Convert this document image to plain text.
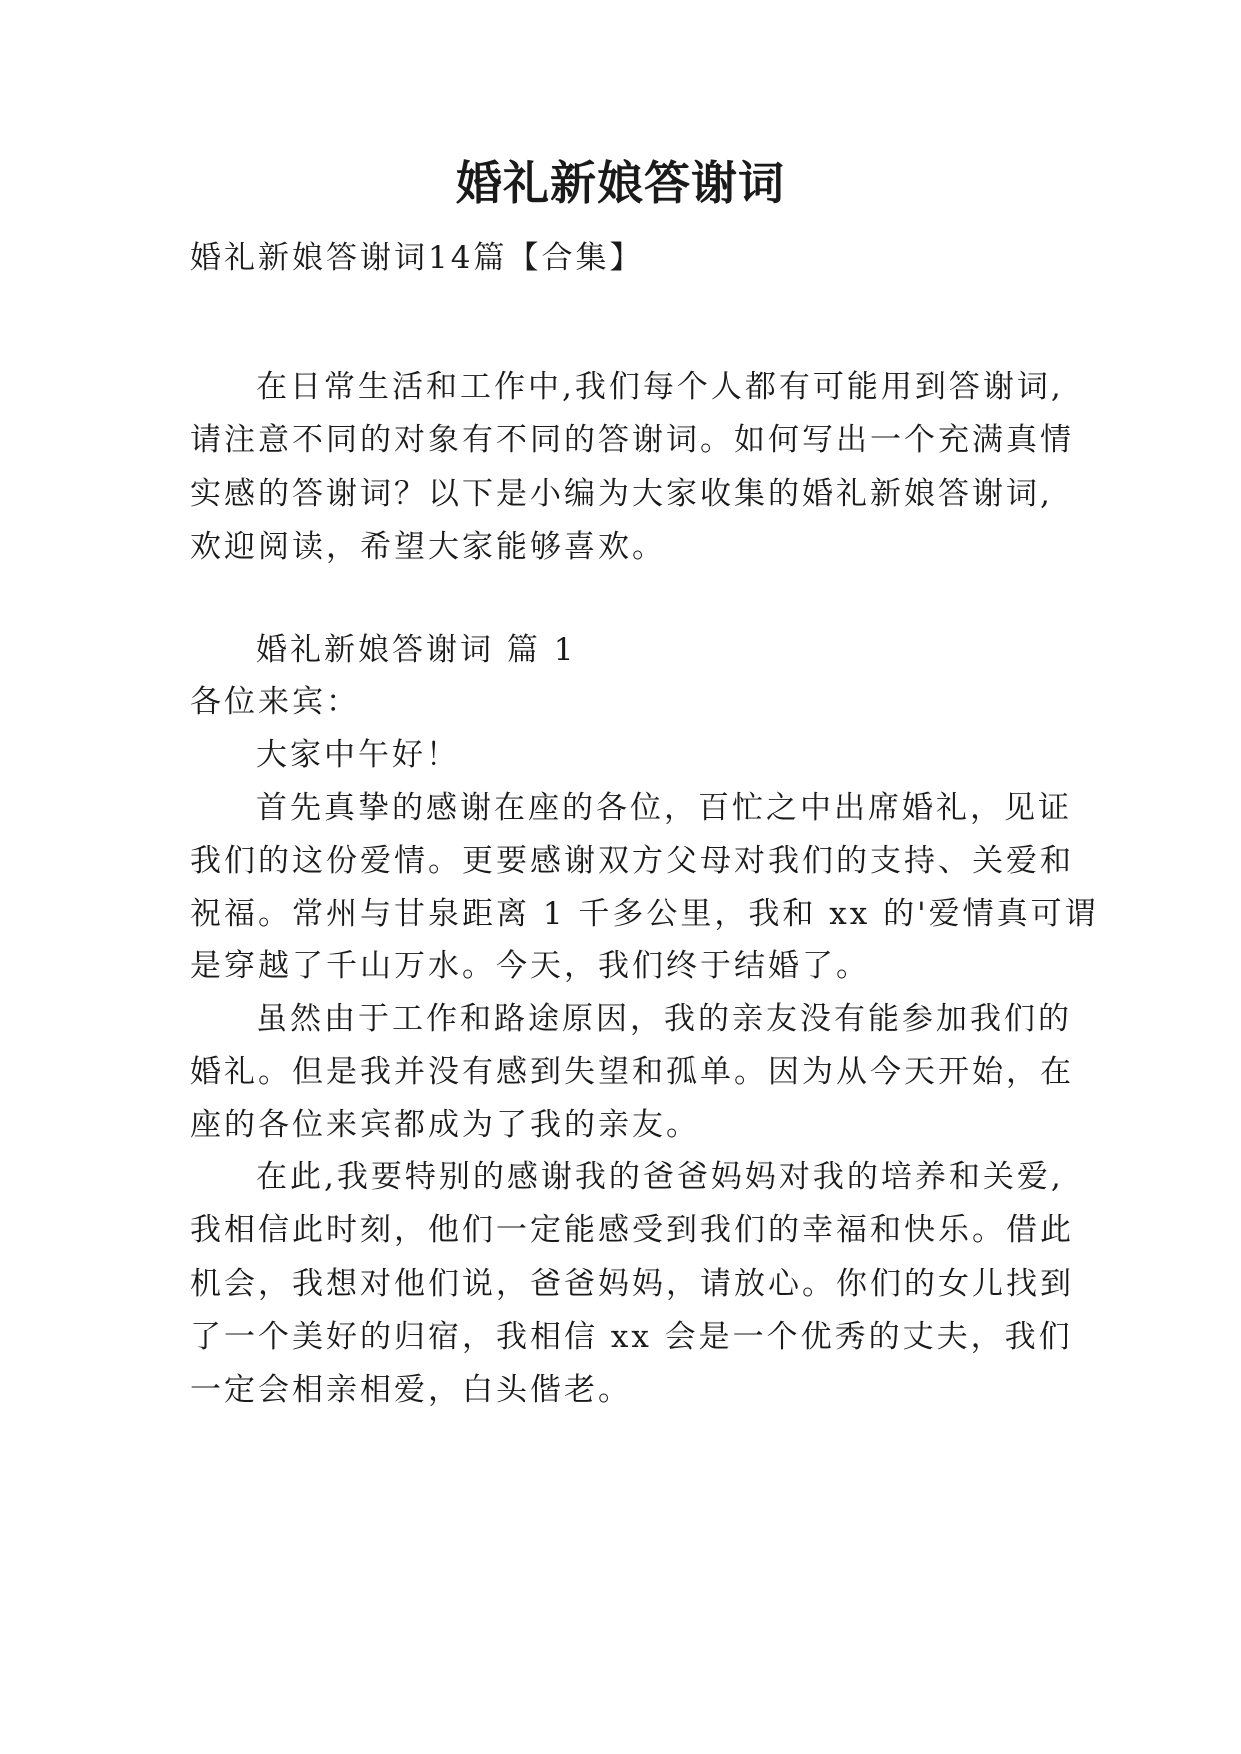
婚礼新娘答谢词

婚礼新娘答谢词14篇【合集】

在日常生活和工作中,我们每个人都有可能用到答谢词,

请注意不同的对象有不同的答谢词。如何写出一个充满真情

实感的答谢词？以下是小编为大家收集的婚礼新娘答谢词,

欢迎阅读，希望大家能够喜欢。

婚礼新娘答谢词 篇 1

各位来宾：

大家中午好！

首先真挚的感谢在座的各位，百忙之中出席婚礼，见证

我们的这份爱情。更要感谢双方父母对我们的支持、关爱和

祝福。常州与甘泉距离 1 千多公里，我和 xx 的'爱情真可谓

是穿越了千山万水。今天，我们终于结婚了。

虽然由于工作和路途原因，我的亲友没有能参加我们的

婚礼。但是我并没有感到失望和孤单。因为从今天开始，在

座的各位来宾都成为了我的亲友。

在此,我要特别的感谢我的爸爸妈妈对我的培养和关爱,

我相信此时刻，他们一定能感受到我们的幸福和快乐。借此

机会，我想对他们说，爸爸妈妈，请放心。你们的女儿找到

了一个美好的归宿，我相信 xx 会是一个优秀的丈夫，我们

一定会相亲相爱，白头偕老。
